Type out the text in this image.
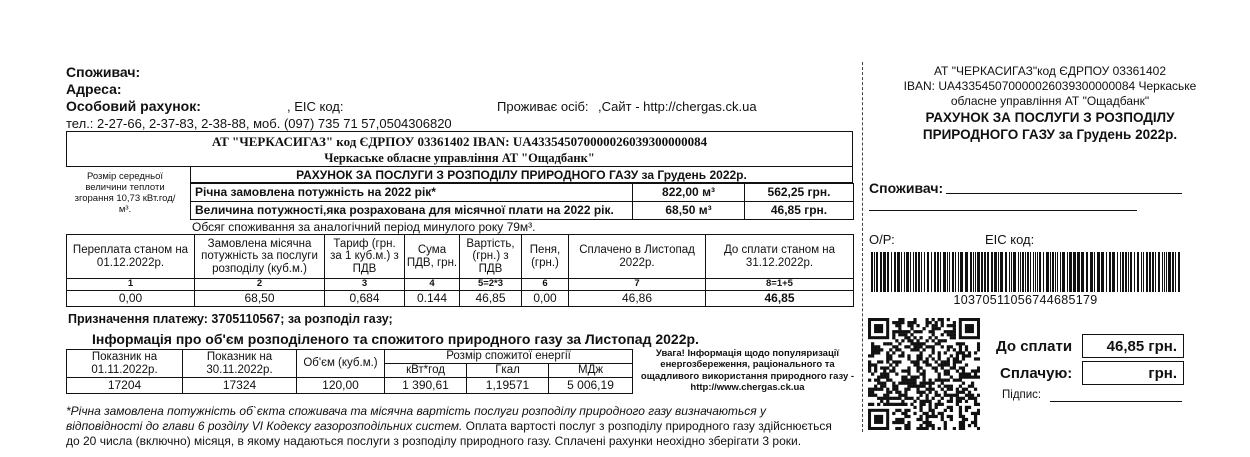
Споживач:
Адреса:
Особовий рахунок:	, ЕІС код:	Проживає осіб: ,Сайт - http://chergas.ck.ua
тел.: 2-27-66, 2-37-83, 2-38-88, моб. (097) 735 71 57,0504306820
АТ "ЧЕРКАСИГАЗ" код ЄДРПОУ 03361402 IBAN: UA433545070000026039300000084
Черкаське обласне управління АТ "Ощадбанк"
РАХУНОК ЗА ПОСЛУГИ З РОЗПОДІЛУ ПРИРОДНОГО ГАЗУ за Грудень 2022р.
Розмір середньої величини теплоти згорання 10,73 кВт.год/м³.
Річна замовлена потужність на 2022 рік*	822,00 м³	562,25 грн.
Величина потужності,яка розрахована для місячної плати на 2022 рік.	68,50 м³	46,85 грн.
Обсяг споживання за аналогічний період минулого року 79м³.
Переплата станом на 01.12.2022р.	Замовлена місячна потужність за послуги розподілу (куб.м.)	Тариф (грн. за 1 куб.м.) з ПДВ	Сума ПДВ, грн.	Вартість, (грн.) з ПДВ	Пеня, (грн.)	Сплачено в Листопад 2022р.	До сплати станом на 31.12.2022р.
1	2	3	4	5=2*3	6	7	8=1+5
0,00	68,50	0,684	0.144	46,85	0,00	46,86	46,85
Призначення платежу: 3705110567; за розподіл газу;
Інформація про об'єм розподіленого та спожитого природного газу за Листопад 2022р.
Показник на 01.11.2022р.	Показник на 30.11.2022р.	Об'єм (куб.м.)	Розмір спожитої енергії		
			кВт*год	Гкал	МДж
17204	17324	120,00	1 390,61	1,19571	5 006,19
Увага! Інформація щодо популяризації енергозбереження, раціонального та ощадливого використання природного газу - http://www.chergas.ck.ua
*Річна замовлена потужність об`єкта споживача та місячна вартість послуги розподілу природного газу визначаються у
відповідності до глави 6 розділу VI Кодексу газорозподільних систем. Оплата вартості послуг з розподілу природного газу здійснюється
до 20 числа (включно) місяця, в якому надаються послуги з розподілу природного газу. Сплачені рахунки неохідно зберігати 3 роки.
АТ "ЧЕРКАСИГАЗ"код ЄДРПОУ 03361402
IBAN: UA433545070000026039300000084 Черкаське
обласне управління АТ "Ощадбанк"
РАХУНОК ЗА ПОСЛУГИ З РОЗПОДІЛУ
ПРИРОДНОГО ГАЗУ за Грудень 2022р.
Споживач:
О/Р:	ЕІС код:
10370511056744685179
До сплати 46,85 грн.
Сплачую:	грн.
Підпис:
